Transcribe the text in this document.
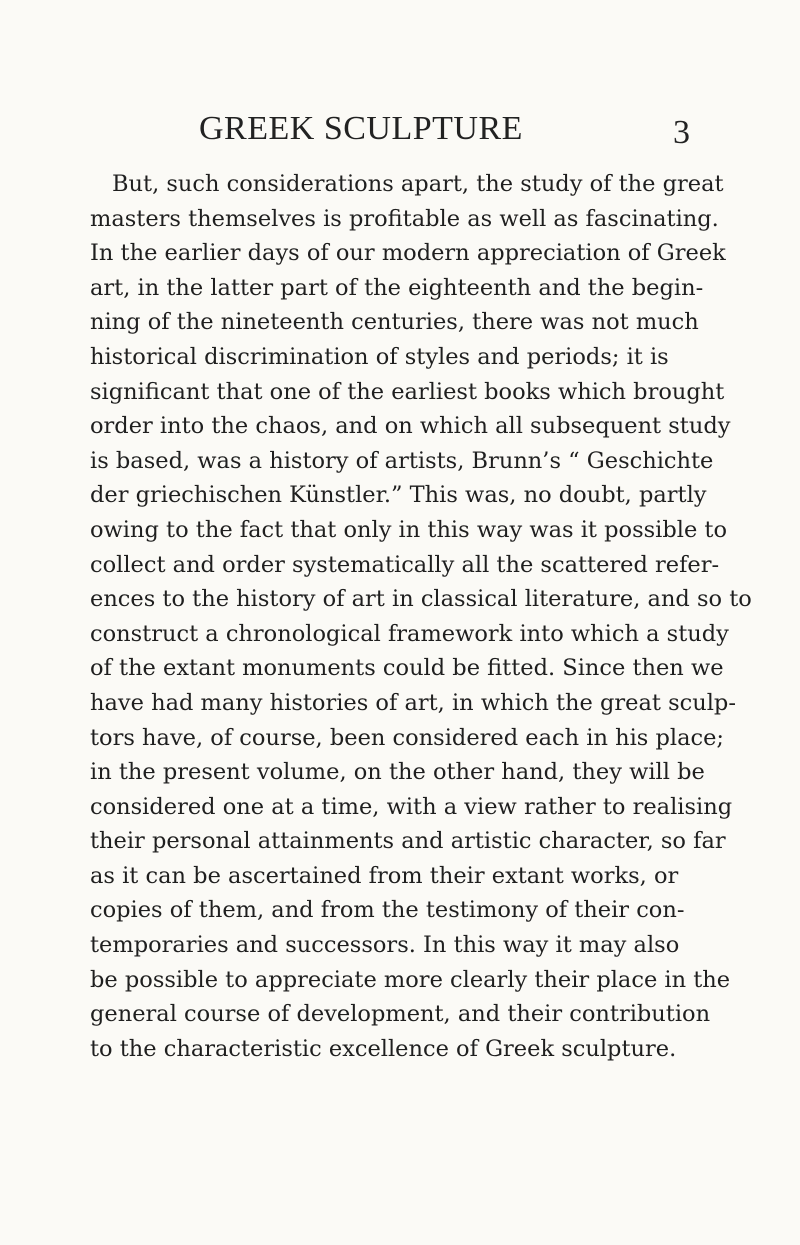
GREEK SCULPTURE	3
But, such considerations apart, the study of the great
masters themselves is profitable as well as fascinating.
In the earlier days of our modern appreciation of Greek
art, in the latter part of the eighteenth and the begin-
ning of the nineteenth centuries, there was not much
historical discrimination of styles and periods; it is
significant that one of the earliest books which brought
order into the chaos, and on which all subsequent study
is based, was a history of artists, Brunn’s “ Geschichte
der griechischen Künstler.” This was, no doubt, partly
owing to the fact that only in this way was it possible to
collect and order systematically all the scattered refer-
ences to the history of art in classical literature, and so to
construct a chronological framework into which a study
of the extant monuments could be fitted. Since then we
have had many histories of art, in which the great sculp-
tors have, of course, been considered each in his place;
in the present volume, on the other hand, they will be
considered one at a time, with a view rather to realising
their personal attainments and artistic character, so far
as it can be ascertained from their extant works, or
copies of them, and from the testimony of their con-
temporaries and successors. In this way it may also
be possible to appreciate more clearly their place in the
general course of development, and their contribution
to the characteristic excellence of Greek sculpture.
